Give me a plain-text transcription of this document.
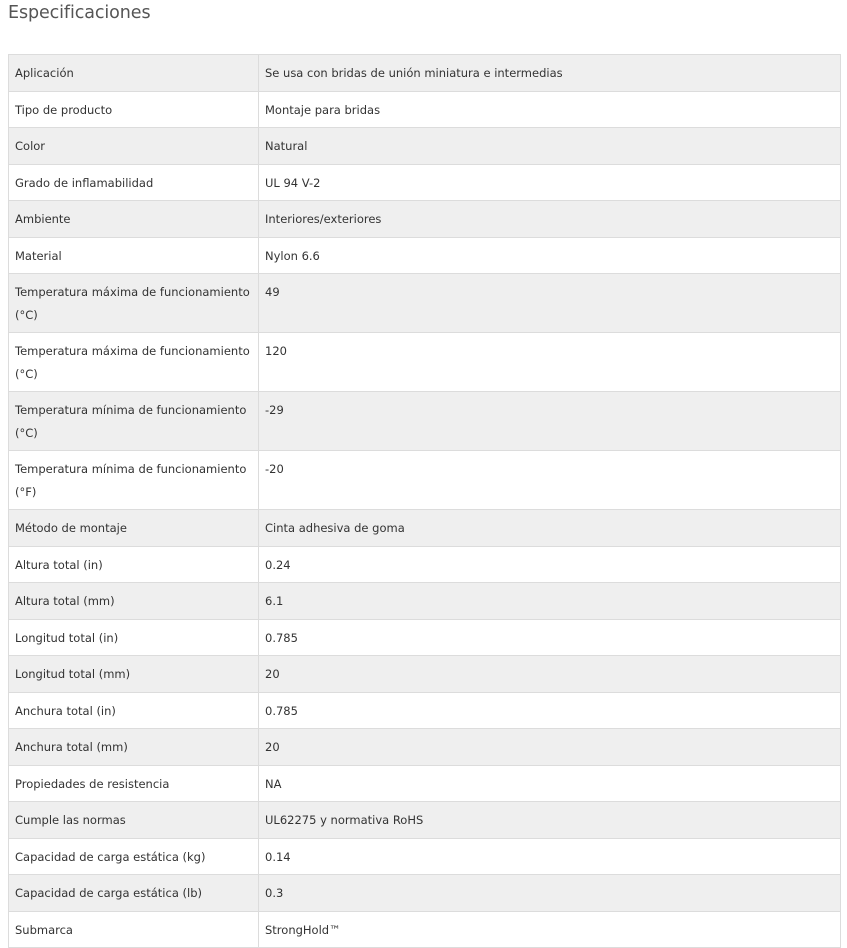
Especificaciones
Aplicación	Se usa con bridas de unión miniatura e intermedias

Tipo de producto	Montaje para bridas

Color	Natural

Grado de inflamabilidad	UL 94 V-2

Ambiente	Interiores/exteriores

Material	Nylon 6.6

Temperatura máxima de funcionamiento (°C)	49

Temperatura máxima de funcionamiento (°C)	120

Temperatura mínima de funcionamiento (°C)	-29

Temperatura mínima de funcionamiento (°F)	-20

Método de montaje	Cinta adhesiva de goma

Altura total (in)	0.24

Altura total (mm)	6.1

Longitud total (in)	0.785

Longitud total (mm)	20

Anchura total (in)	0.785

Anchura total (mm)	20

Propiedades de resistencia	NA

Cumple las normas	UL62275 y normativa RoHS

Capacidad de carga estática (kg)	0.14

Capacidad de carga estática (lb)	0.3

Submarca	StrongHold™
